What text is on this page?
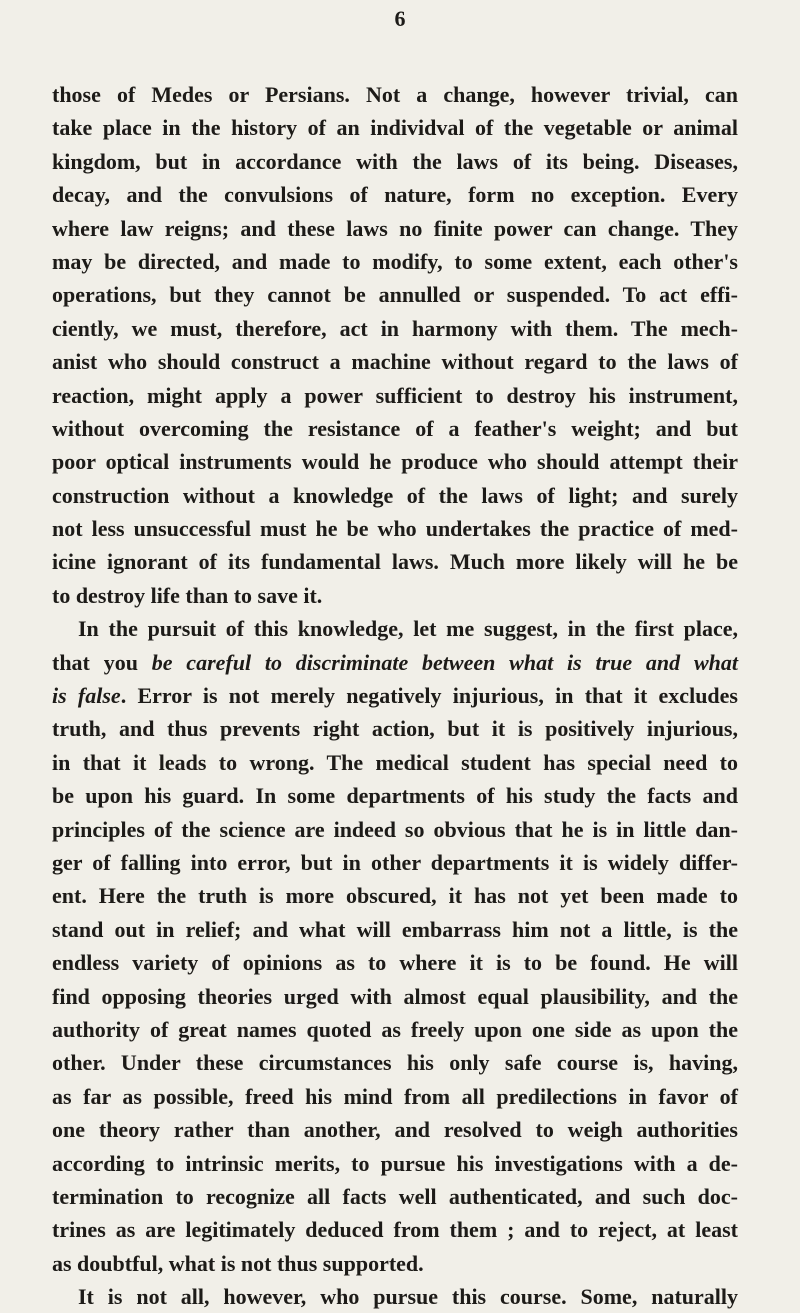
6
those of Medes or Persians. Not a change, however trivial, can
take place in the history of an individval of the vegetable or animal
kingdom, but in accordance with the laws of its being. Diseases,
decay, and the convulsions of nature, form no exception. Every
where law reigns; and these laws no finite power can change. They
may be directed, and made to modify, to some extent, each other's
operations, but they cannot be annulled or suspended. To act effi-
ciently, we must, therefore, act in harmony with them. The mech-
anist who should construct a machine without regard to the laws of
reaction, might apply a power sufficient to destroy his instrument,
without overcoming the resistance of a feather's weight; and but
poor optical instruments would he produce who should attempt their
construction without a knowledge of the laws of light; and surely
not less unsuccessful must he be who undertakes the practice of med-
icine ignorant of its fundamental laws. Much more likely will he be
to destroy life than to save it.
In the pursuit of this knowledge, let me suggest, in the first place,
that you be careful to discriminate between what is true and what
is false. Error is not merely negatively injurious, in that it excludes
truth, and thus prevents right action, but it is positively injurious,
in that it leads to wrong. The medical student has special need to
be upon his guard. In some departments of his study the facts and
principles of the science are indeed so obvious that he is in little dan-
ger of falling into error, but in other departments it is widely differ-
ent. Here the truth is more obscured, it has not yet been made to
stand out in relief; and what will embarrass him not a little, is the
endless variety of opinions as to where it is to be found. He will
find opposing theories urged with almost equal plausibility, and the
authority of great names quoted as freely upon one side as upon the
other. Under these circumstances his only safe course is, having,
as far as possible, freed his mind from all predilections in favor of
one theory rather than another, and resolved to weigh authorities
according to intrinsic merits, to pursue his investigations with a de-
termination to recognize all facts well authenticated, and such doc-
trines as are legitimately deduced from them ; and to reject, at least
as doubtful, what is not thus supported.
It is not all, however, who pursue this course. Some, naturally
